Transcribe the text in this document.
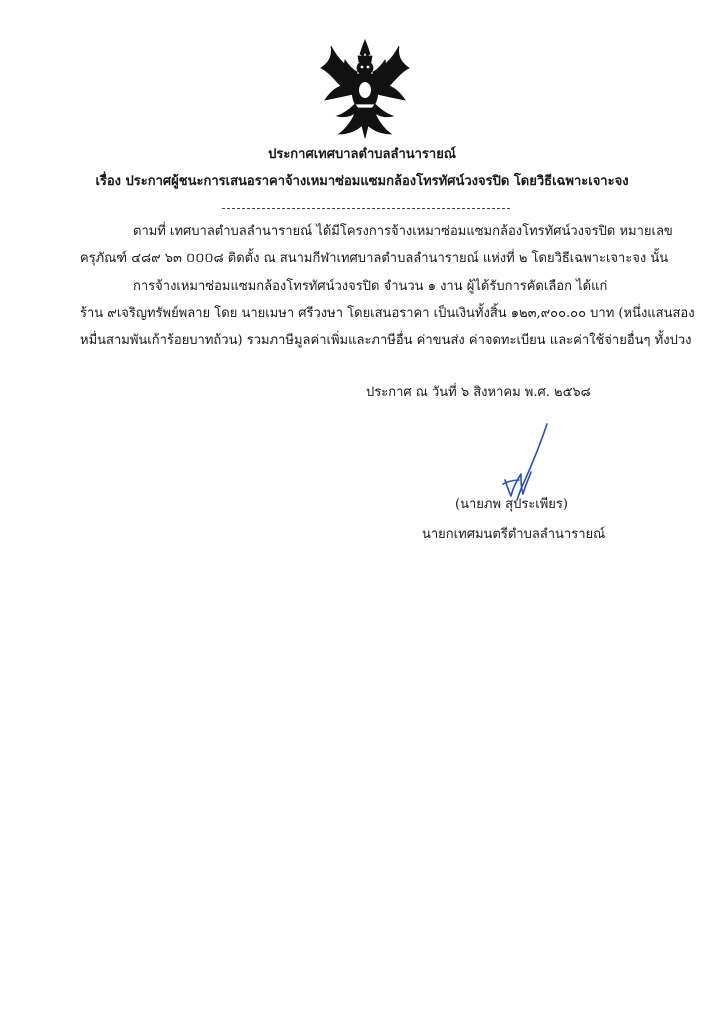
ประกาศเทศบาลตำบลลำนารายณ์
เรื่อง ประกาศผู้ชนะการเสนอราคาจ้างเหมาซ่อมแซมกล้องโทรทัศน์วงจรปิด โดยวิธีเฉพาะเจาะจง
ตามที่ เทศบาลตำบลลำนารายณ์ ได้มีโครงการจ้างเหมาซ่อมแซมกล้องโทรทัศน์วงจรปิด หมายเลข
ครุภัณฑ์ ๔๘๙ ๖๓ ០០០๘ ติดตั้ง ณ สนามกีฬาเทศบาลตำบลลำนารายณ์ แห่งที่ ๒ โดยวิธีเฉพาะเจาะจง นั้น
การจ้างเหมาซ่อมแซมกล้องโทรทัศน์วงจรปิด จำนวน ๑ งาน ผู้ได้รับการคัดเลือก ได้แก่
ร้าน ๙เจริญทรัพย์พลาย โดย นายเมษา ศรีวงษา โดยเสนอราคา เป็นเงินทั้งสิ้น ๑๒๓,๙๐๐.๐๐ บาท (หนึ่งแสนสอง
หมื่นสามพันเก้าร้อยบาทถ้วน) รวมภาษีมูลค่าเพิ่มและภาษีอื่น ค่าขนส่ง ค่าจดทะเบียน และค่าใช้จ่ายอื่นๆ ทั้งปวง
ประกาศ ณ วันที่ ๖ สิงหาคม พ.ศ. ๒๕๖๘
(นายภพ สุประเพียร)
นายกเทศมนตรีตำบลลำนารายณ์
